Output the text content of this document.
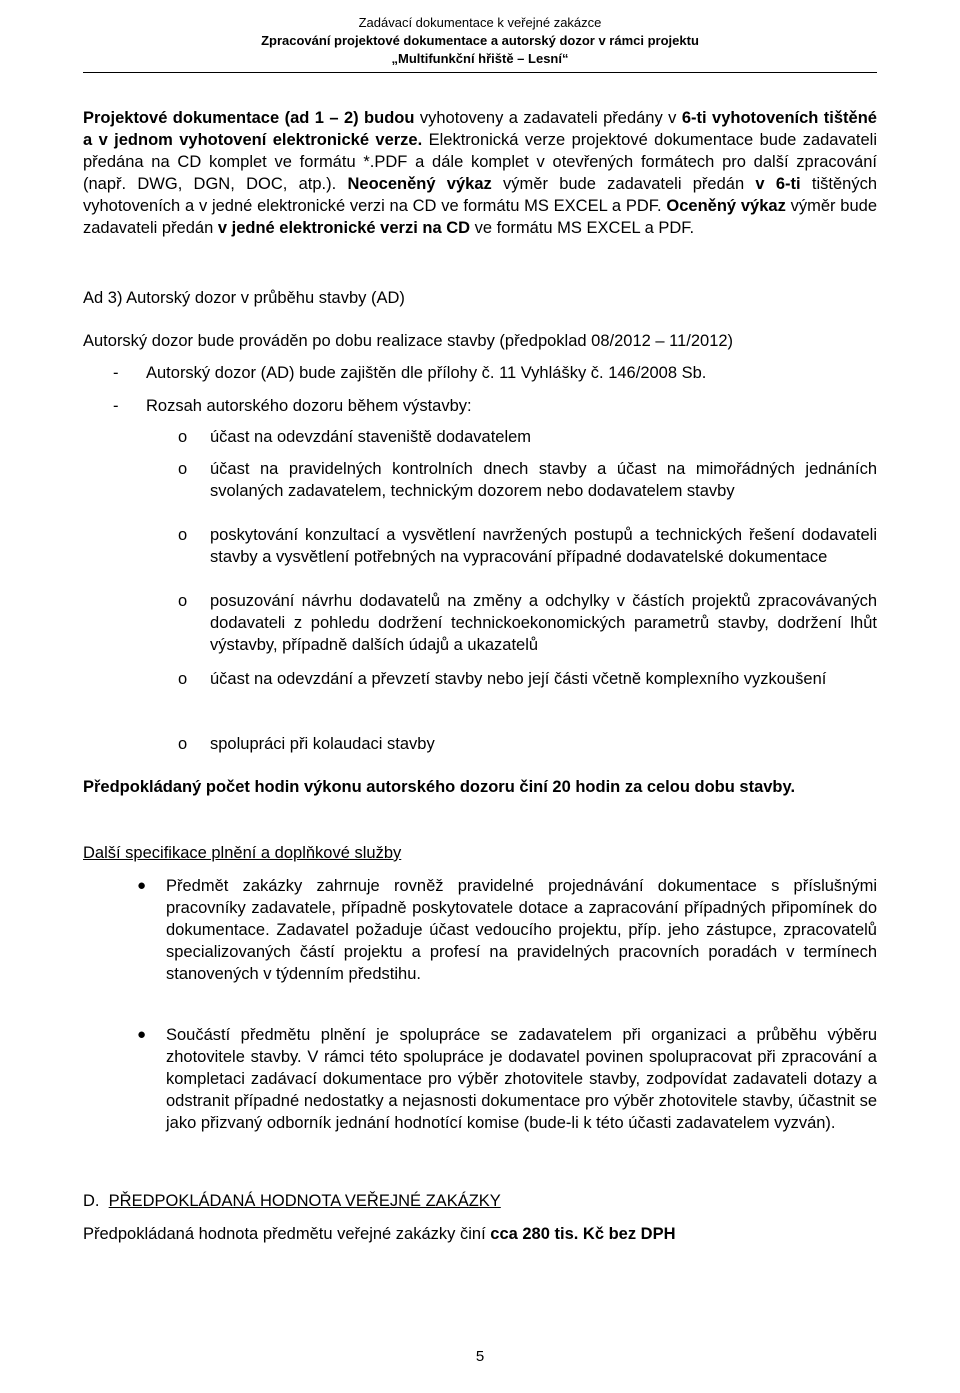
Zadávací dokumentace k veřejné zakázce
Zpracování projektové dokumentace a autorský dozor v rámci projektu
„Multifunkční hřiště – Lesní“
Projektové dokumentace (ad 1 – 2) budou vyhotoveny a zadavateli předány v 6-ti vyhotoveních tištěné a v jednom vyhotovení elektronické verze. Elektronická verze projektové dokumentace bude zadavateli předána na CD komplet ve formátu *.PDF a dále komplet v otevřených formátech pro další zpracování (např. DWG, DGN, DOC, atp.). Neoceněný výkaz výměr bude zadavateli předán v 6-ti tištěných vyhotoveních a v jedné elektronické verzi na CD ve formátu MS EXCEL a PDF. Oceněný výkaz výměr bude zadavateli předán v jedné elektronické verzi na CD ve formátu MS EXCEL a PDF.
Ad 3) Autorský dozor v průběhu stavby (AD)
Autorský dozor bude prováděn po dobu realizace stavby (předpoklad 08/2012 – 11/2012)
- Autorský dozor (AD) bude zajištěn dle přílohy č. 11 Vyhlášky č. 146/2008 Sb.
- Rozsah autorského dozoru během výstavby:
o účast na odevzdání staveniště dodavatelem
o účast na pravidelných kontrolních dnech stavby a účast na mimořádných jednáních svolaných zadavatelem, technickým dozorem nebo dodavatelem stavby
o poskytování konzultací a vysvětlení navržených postupů a technických řešení dodavateli stavby a vysvětlení potřebných na vypracování případné dodavatelské dokumentace
o posuzování návrhu dodavatelů na změny a odchylky v částích projektů zpracovávaných dodavateli z pohledu dodržení technickoekonomických parametrů stavby, dodržení lhůt výstavby, případně dalších údajů a ukazatelů
o účast na odevzdání a převzetí stavby nebo její části včetně komplexního vyzkoušení
o spolupráci při kolaudaci stavby
Předpokládaný počet hodin výkonu autorského dozoru činí 20 hodin za celou dobu stavby.
Další specifikace plnění a doplňkové služby
● Předmět zakázky zahrnuje rovněž pravidelné projednávání dokumentace s příslušnými pracovníky zadavatele, případně poskytovatele dotace a zapracování případných připomínek do dokumentace. Zadavatel požaduje účast vedoucího projektu, příp. jeho zástupce, zpracovatelů specializovaných částí projektu a profesí na pravidelných pracovních poradách v termínech stanovených v týdenním předstihu.
● Součástí předmětu plnění je spolupráce se zadavatelem při organizaci a průběhu výběru zhotovitele stavby. V rámci této spolupráce je dodavatel povinen spolupracovat při zpracování a kompletaci zadávací dokumentace pro výběr zhotovitele stavby, zodpovídat zadavateli dotazy a odstranit případné nedostatky a nejasnosti dokumentace pro výběr zhotovitele stavby, účastnit se jako přizvaný odborník jednání hodnotící komise (bude-li k této účasti zadavatelem vyzván).
D. PŘEDPOKLÁDANÁ HODNOTA VEŘEJNÉ ZAKÁZKY
Předpokládaná hodnota předmětu veřejné zakázky činí cca 280 tis. Kč bez DPH
5
